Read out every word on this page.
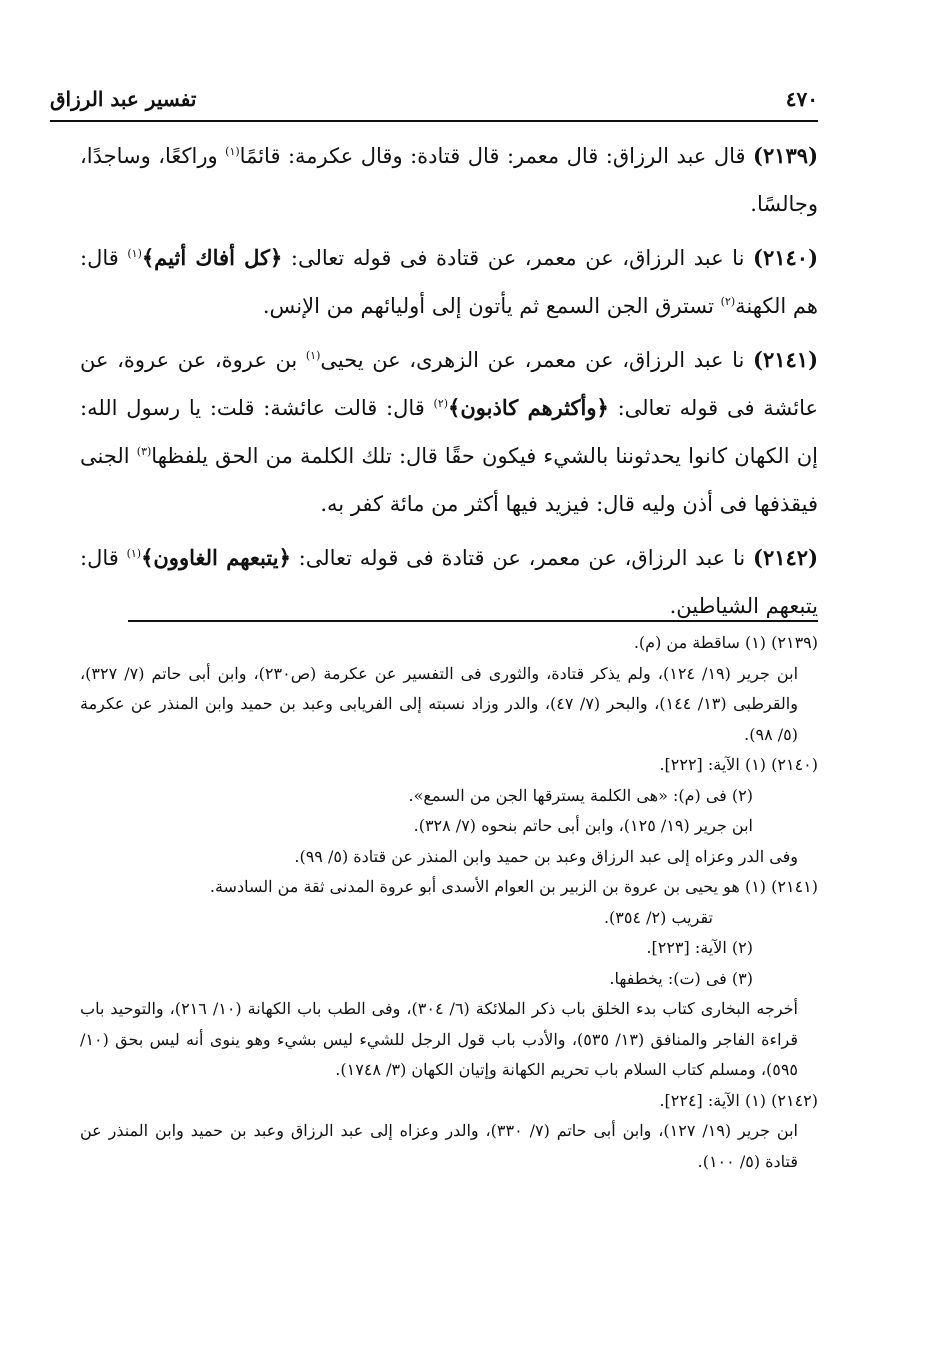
٤٧٠
تفسير عبد الرزاق

(٢١٣٩) قال عبد الرزاق: قال معمر: قال قتادة: وقال عكرمة: قائمًا$^{(١)}$ وراكعًا، وساجدًا، وجالسًا.

(٢١٤٠) نا عبد الرزاق، عن معمر، عن قتادة فى قوله تعالى: ﴿كل أفاك أثيم﴾$^{(١)}$ قال: هم الكهنة$^{(٢)}$ تسترق الجن السمع ثم يأتون إلى أوليائهم من الإنس.

(٢١٤١) نا عبد الرزاق، عن معمر، عن الزهرى، عن يحيى$^{(١)}$ بن عروة، عن عروة، عن عائشة فى قوله تعالى: ﴿وأكثرهم كاذبون﴾$^{(٢)}$ قال: قالت عائشة: قلت: يا رسول الله: إن الكهان كانوا يحدثوننا بالشيء فيكون حقًا قال: تلك الكلمة من الحق يلفظها$^{(٣)}$ الجنى فيقذفها فى أذن وليه قال: فيزيد فيها أكثر من مائة كفر به.

(٢١٤٢) نا عبد الرزاق، عن معمر، عن قتادة فى قوله تعالى: ﴿يتبعهم الغاوون﴾$^{(١)}$ قال: يتبعهم الشياطين.

(٢١٣٩) (١) ساقطة من (م).

ابن جرير (١٩/ ١٢٤)، ولم يذكر قتادة، والثورى فى التفسير عن عكرمة (ص٢٣٠)، وابن أبى حاتم (٧/ ٣٢٧)، والقرطبى (١٣/ ١٤٤)، والبحر (٧/ ٤٧)، والدر وزاد نسبته إلى الفريابى وعبد بن حميد وابن المنذر عن عكرمة (٥/ ٩٨).

(٢١٤٠) (١) الآية: [٢٢٢].

(٢) فى (م): «هى الكلمة يسترقها الجن من السمع».

ابن جرير (١٩/ ١٢٥)، وابن أبى حاتم بنحوه (٧/ ٣٢٨).

وفى الدر وعزاه إلى عبد الرزاق وعبد بن حميد وابن المنذر عن قتادة (٥/ ٩٩).

(٢١٤١) (١) هو يحيى بن عروة بن الزبير بن العوام الأسدى أبو عروة المدنى ثقة من السادسة.

تقريب (٢/ ٣٥٤).

(٢) الآية: [٢٢٣].

(٣) فى (ت): يخطفها.

أخرجه البخارى كتاب بدء الخلق باب ذكر الملائكة (٦/ ٣٠٤)، وفى الطب باب الكهانة (١٠/ ٢١٦)، والتوحيد باب قراءة الفاجر والمنافق (١٣/ ٥٣٥)، والأدب باب قول الرجل للشيء ليس بشيء وهو ينوى أنه ليس بحق (١٠/ ٥٩٥)، ومسلم كتاب السلام باب تحريم الكهانة وإتيان الكهان (٣/ ١٧٤٨).

(٢١٤٢) (١) الآية: [٢٢٤].

ابن جرير (١٩/ ١٢٧)، وابن أبى حاتم (٧/ ٣٣٠)، والدر وعزاه إلى عبد الرزاق وعبد بن حميد وابن المنذر عن قتادة (٥/ ١٠٠).
